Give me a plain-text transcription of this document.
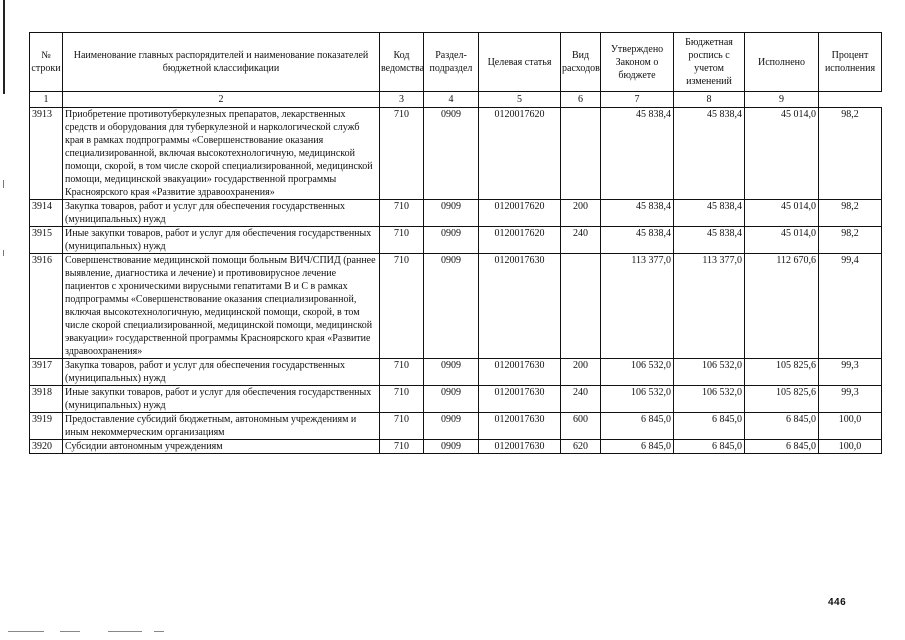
№ строки	Наименование главных распорядителей и наименование показателей бюджетной классификации	Код ведомства	Раздел-подраздел	Целевая статья	Вид расходов	Утверждено Законом о бюджете	Бюджетная роспись с учетом изменений	Исполнено	Процент исполнения
1	2	3	4	5	6	7	8	9	
3913	Приобретение противотуберкулезных препаратов, лекарственных средств и оборудования для туберкулезной и наркологической служб края в рамках подпрограммы «Совершенствование оказания специализированной, включая высокотехнологичную, медицинской помощи, скорой, в том числе скорой специализированной, медицинской помощи, медицинской эвакуации» государственной программы Красноярского края «Развитие здравоохранения»	710	0909	0120017620		45 838,4	45 838,4	45 014,0	98,2
3914	Закупка товаров, работ и услуг для обеспечения государственных (муниципальных) нужд	710	0909	0120017620	200	45 838,4	45 838,4	45 014,0	98,2
3915	Иные закупки товаров, работ и услуг для обеспечения государственных (муниципальных) нужд	710	0909	0120017620	240	45 838,4	45 838,4	45 014,0	98,2
3916	Совершенствование медицинской помощи больным ВИЧ/СПИД (раннее выявление, диагностика и лечение) и противовирусное лечение пациентов с хроническими вирусными гепатитами В и С в рамках подпрограммы «Совершенствование оказания специализированной, включая высокотехнологичную, медицинской помощи, скорой, в том числе скорой специализированной, медицинской помощи, медицинской эвакуации» государственной программы Красноярского края «Развитие здравоохранения»	710	0909	0120017630		113 377,0	113 377,0	112 670,6	99,4
3917	Закупка товаров, работ и услуг для обеспечения государственных (муниципальных) нужд	710	0909	0120017630	200	106 532,0	106 532,0	105 825,6	99,3
3918	Иные закупки товаров, работ и услуг для обеспечения государственных (муниципальных) нужд	710	0909	0120017630	240	106 532,0	106 532,0	105 825,6	99,3
3919	Предоставление субсидий бюджетным, автономным учреждениям и иным некоммерческим организациям	710	0909	0120017630	600	6 845,0	6 845,0	6 845,0	100,0
3920	Субсидии автономным учреждениям	710	0909	0120017630	620	6 845,0	6 845,0	6 845,0	100,0
446
